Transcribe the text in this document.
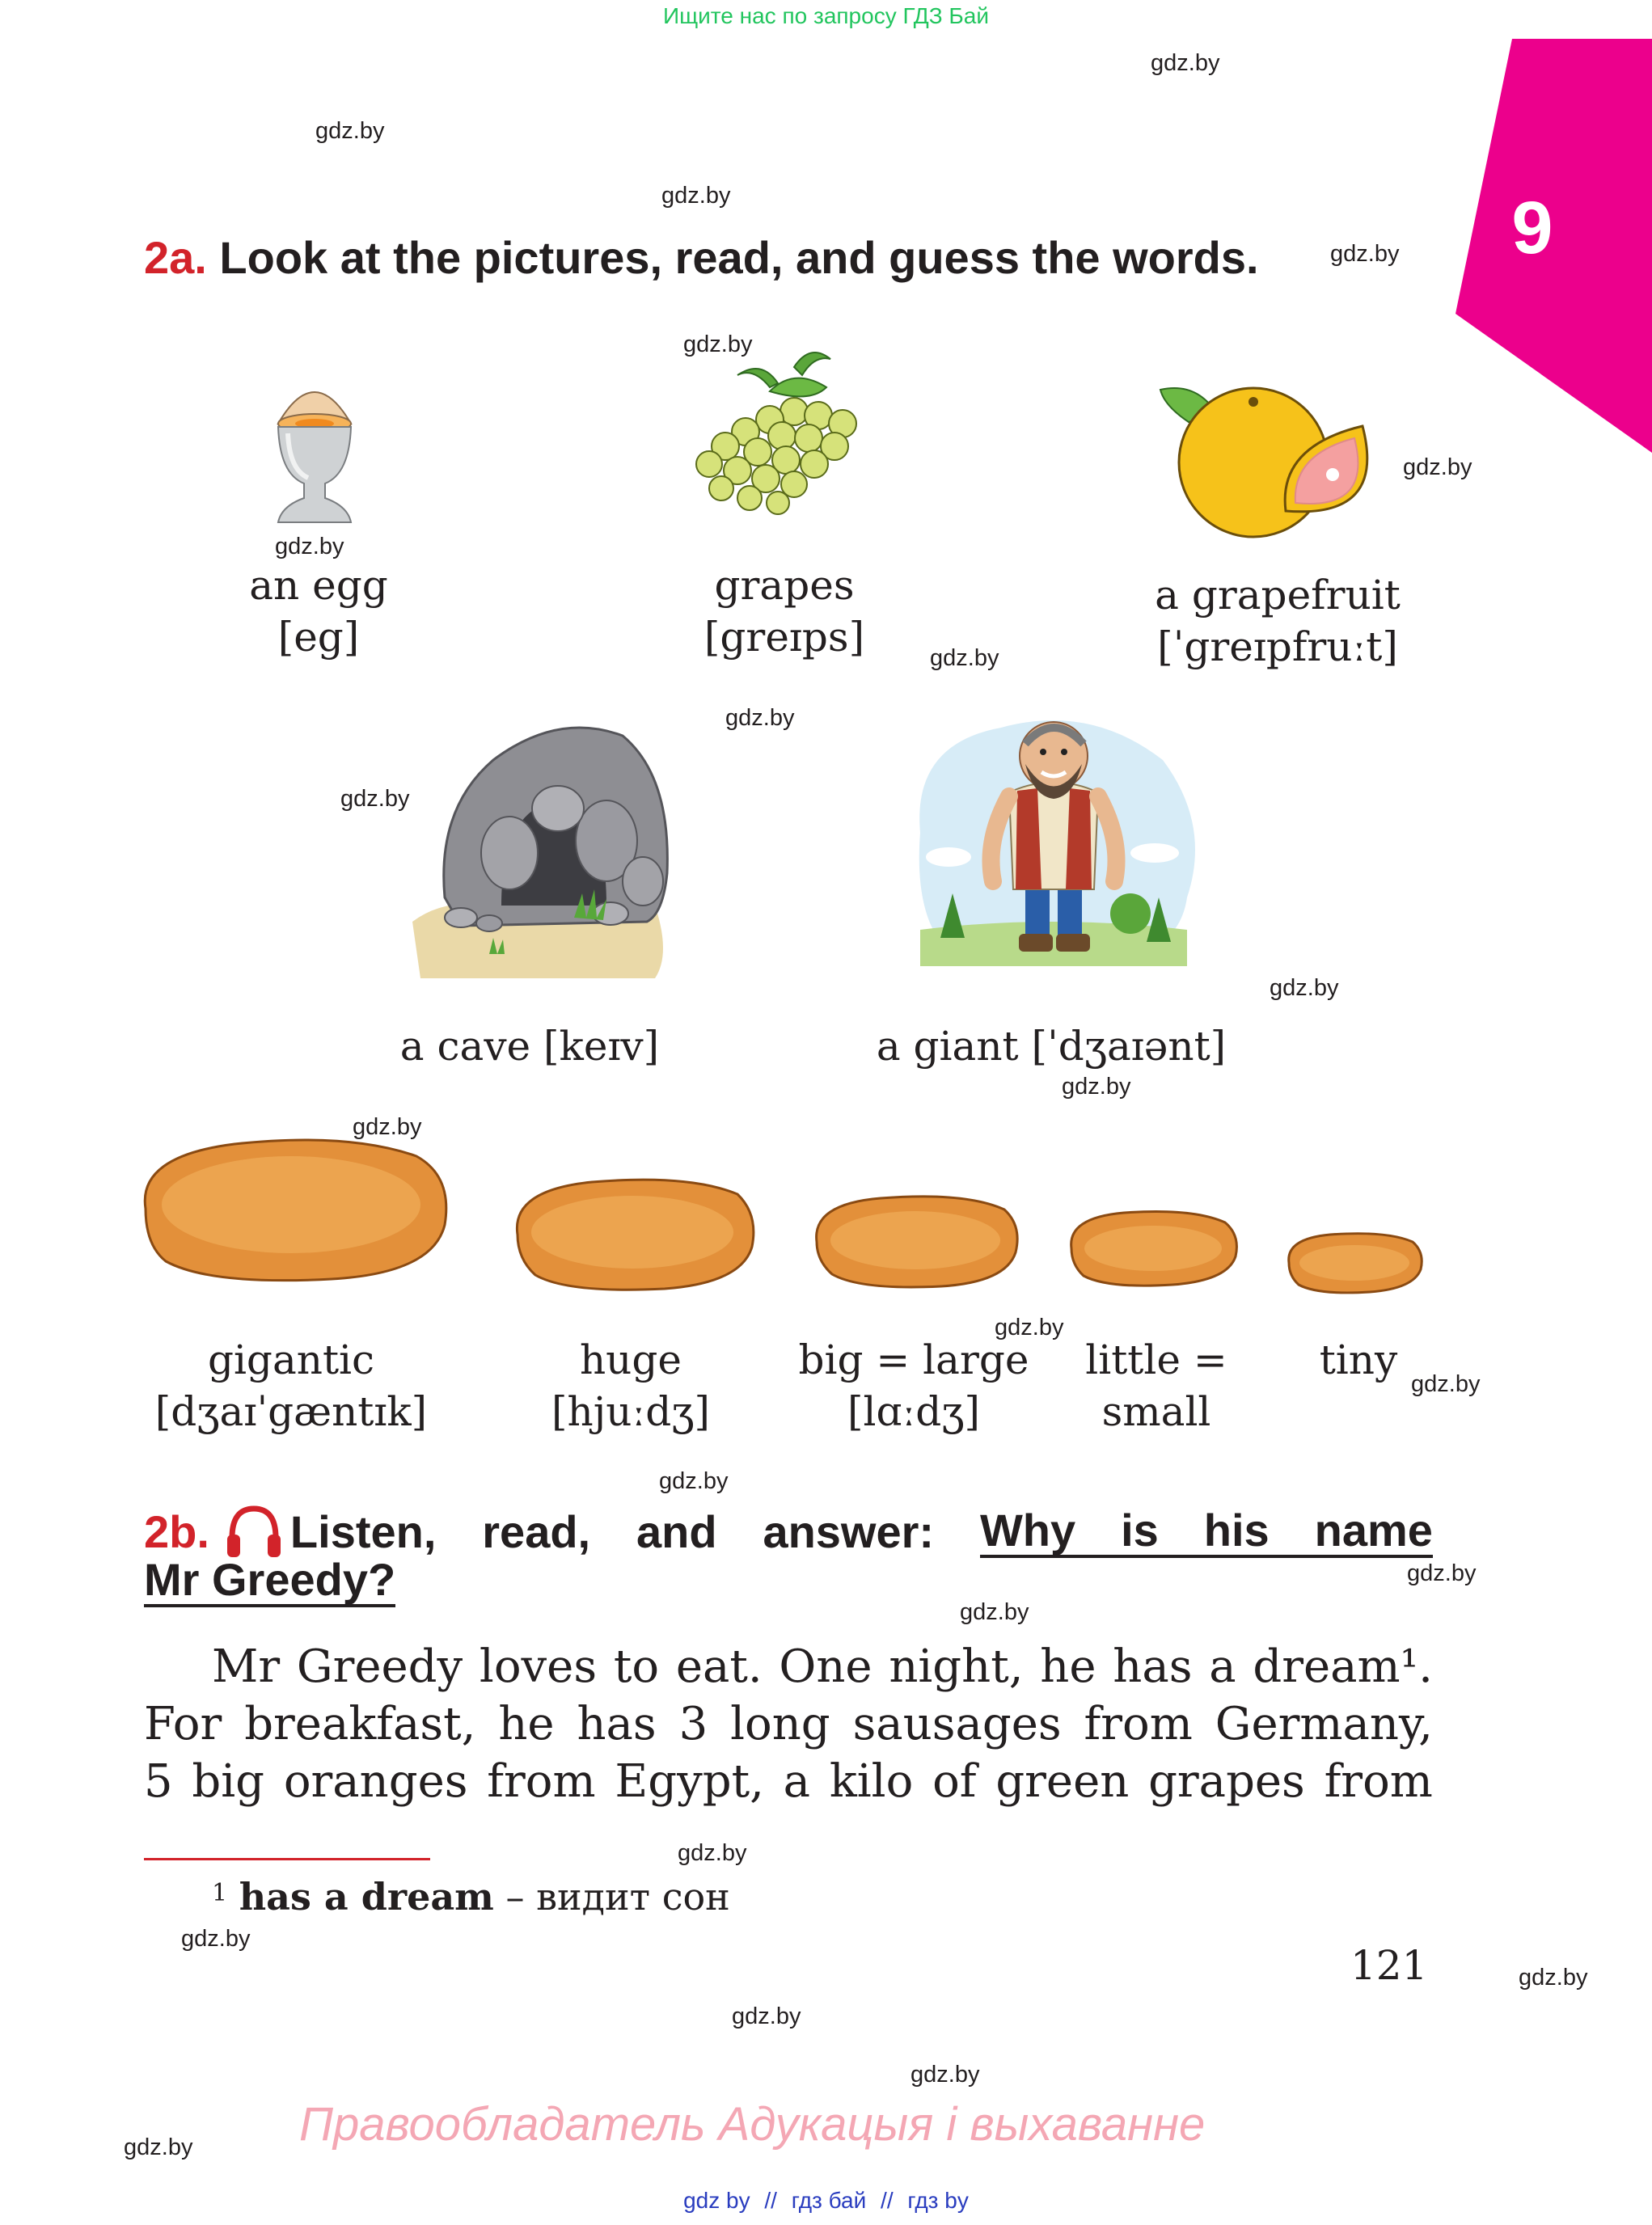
Ищите нас по запросу ГДЗ Бай
9
gdz.by
gdz.by
gdz.by
gdz.by
gdz.by
gdz.by
gdz.by
gdz.by
gdz.by
gdz.by
gdz.by
gdz.by
gdz.by
gdz.by
gdz.by
gdz.by
gdz.by
gdz.by
gdz.by
gdz.by
gdz.by
gdz.by
gdz.by
gdz.by
2a. Look at the pictures, read, and guess the words.
an egg
[eg]
grapes
[greɪps]
a grapefruit
[ˈgreɪpfruːt]
a cave [keɪv]	a giant [ˈdʒaɪənt]
gigantic
[dʒaɪˈgæntɪk]
huge
[hjuːdʒ]
big = large
[lɑːdʒ]
little =
small
tiny
2b. Listen, read, and answer: Why is his name
Mr Greedy?
Mr Greedy loves to eat. One night, he has a dream¹.
For breakfast, he has 3 long sausages from Germany,
5 big oranges from Egypt, a kilo of green grapes from
$^1$ has a dream – видит сон
121
Правообладатель Адукацыя і выхаванне
gdz by // гдз бай // гдз by
